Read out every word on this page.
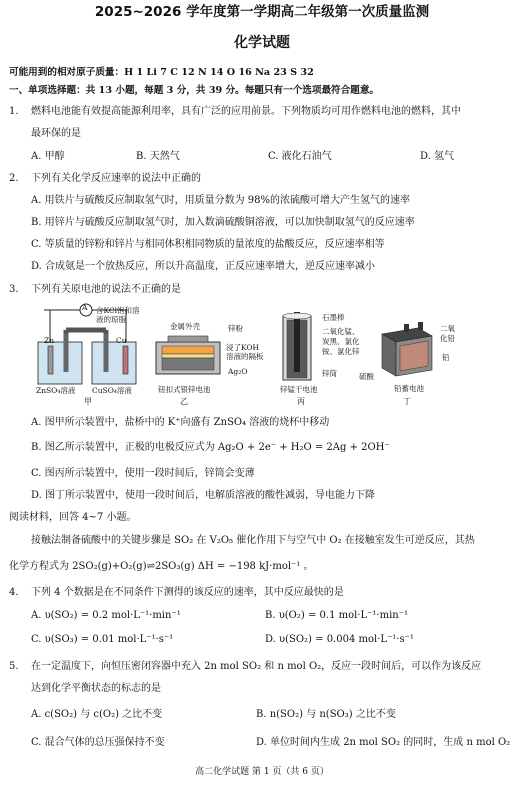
2025~2026 学年度第一学期高二年级第一次质量监测
化学试题
可能用到的相对原子质量：H 1 Li 7 C 12 N 14 O 16 Na 23 S 32
一、单项选择题：共 13 小题，每题 3 分，共 39 分。每题只有一个选项最符合题意。
1. 燃料电池能有效提高能源利用率，具有广泛的应用前景。下列物质均可用作燃料电池的燃料，其中
最环保的是
A. 甲醇	B. 天然气	C. 液化石油气	D. 氢气
2. 下列有关化学反应速率的说法中正确的
A. 用铁片与硫酸反应制取氢气时，用质量分数为 98%的浓硫酸可增大产生氢气的速率
B. 用锌片与硫酸反应制取氢气时，加入数滴硫酸铜溶液，可以加快制取氢气的反应速率
C. 等质量的锌粉和锌片与相同体积相同物质的量浓度的盐酸反应，反应速率相等
D. 合成氨是一个放热反应，所以升高温度，正反应速率增大，逆反应速率减小
3. 下列有关原电池的说法不正确的是
A 含KCl饱和溶
液的琼脂
Zn	Cu
ZnSO₄溶液 CuSO₄溶液
甲
金属外壳	锌粉
浸了KOH
溶液的隔板
Ag₂O
钮扣式银锌电池
乙
石墨棒
二氧化锰、
炭黑、氯化
铵、氯化锌
锌筒
锌锰干电池
丙
二氧
化铅
铅
硫酸
铅蓄电池
丁
A. 图甲所示装置中，盐桥中的 K⁺向盛有 ZnSO₄ 溶液的烧杯中移动
B. 图乙所示装置中，正极的电极反应式为 Ag₂O + 2e⁻ + H₂O = 2Ag + 2OH⁻
C. 图丙所示装置中，使用一段时间后，锌筒会变薄
D. 图丁所示装置中，使用一段时间后，电解质溶液的酸性减弱，导电能力下降
阅读材料，回答 4~7 小题。
接触法制备硫酸中的关键步骤是 SO₂ 在 V₂O₅ 催化作用下与空气中 O₂ 在接触室发生可逆反应，其热
化学方程式为 2SO₂(g)+O₂(g)⇌2SO₃(g) ΔH = −198 kJ·mol⁻¹ 。
4. 下列 4 个数据是在不同条件下测得的该反应的速率，其中反应最快的是
A. υ(SO₂) = 0.2 mol·L⁻¹·min⁻¹	B. υ(O₂) = 0.1 mol·L⁻¹·min⁻¹
C. υ(SO₃) = 0.01 mol·L⁻¹·s⁻¹	D. υ(SO₂) = 0.004 mol·L⁻¹·s⁻¹
5. 在一定温度下，向恒压密闭容器中充入 2n mol SO₂ 和 n mol O₂，反应一段时间后，可以作为该反应
达到化学平衡状态的标志的是
A. c(SO₂) 与 c(O₂) 之比不变	B. n(SO₂) 与 n(SO₃) 之比不变
C. 混合气体的总压强保持不变	D. 单位时间内生成 2n mol SO₂ 的同时，生成 n mol O₂
高二化学试题 第 1 页（共 6 页）
